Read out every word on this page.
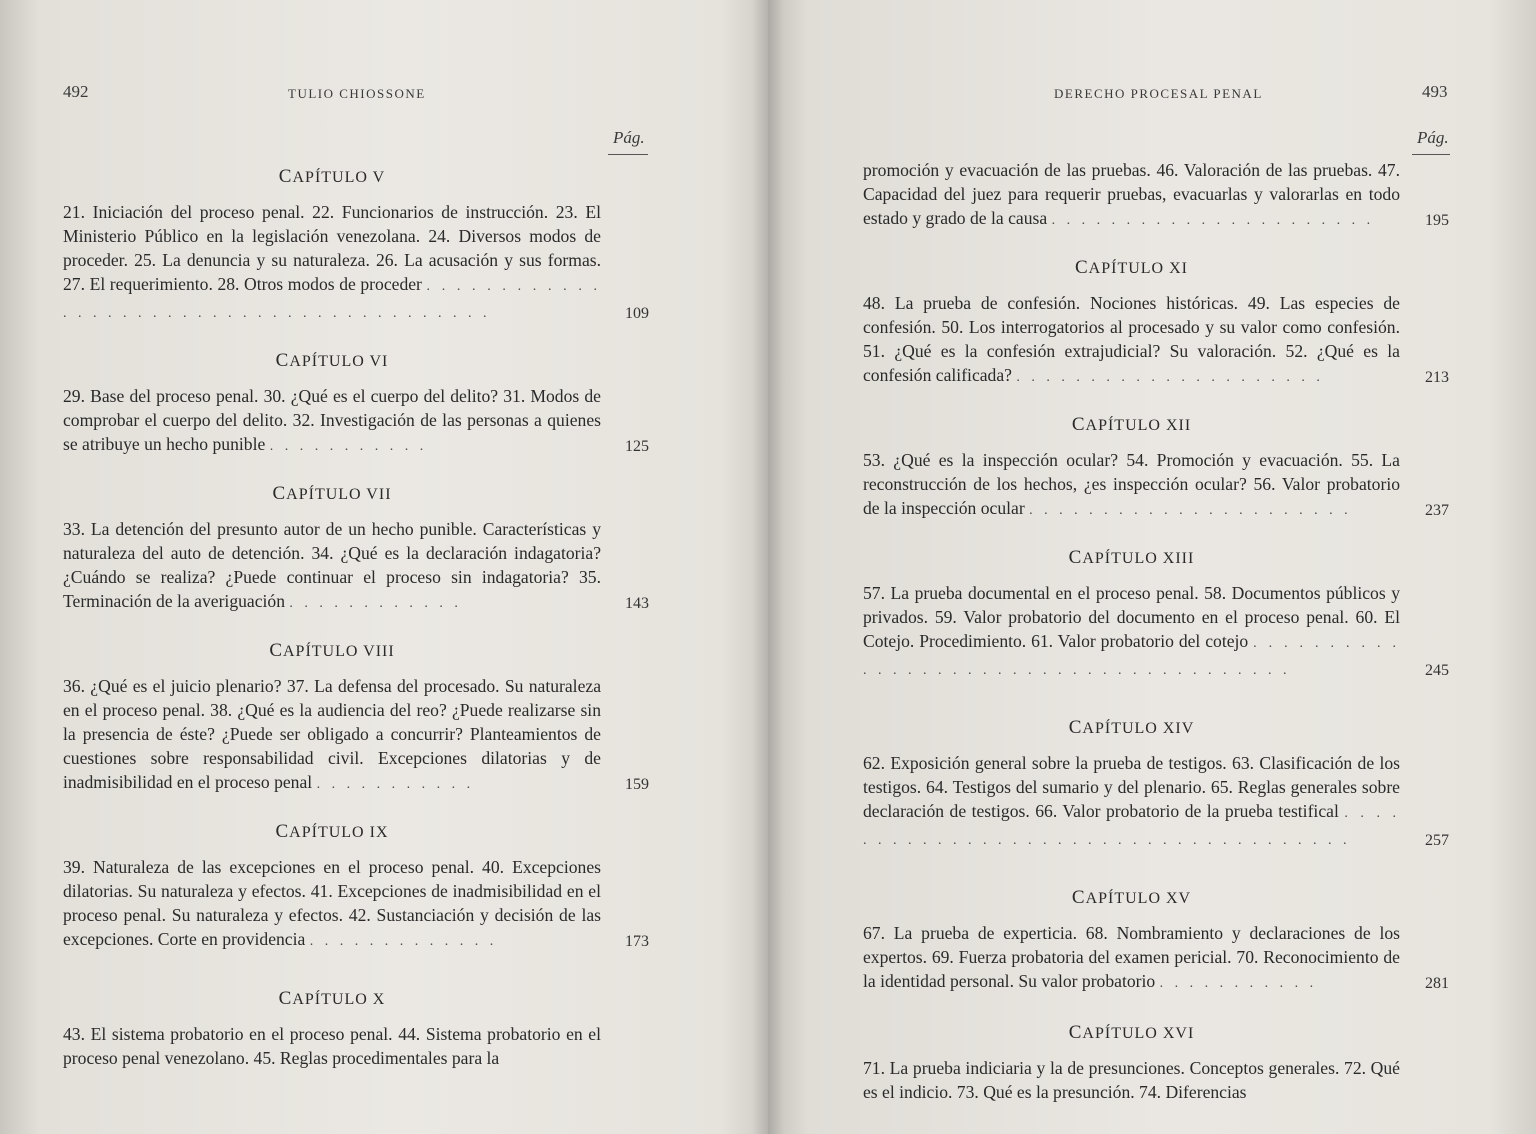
492	TULIO CHIOSSONE
Pág.
CAPÍTULO V
21. Iniciación del proceso penal. 22. Funcionarios de instrucción. 23. El Ministerio Público en la legislación venezolana. 24. Diversos modos de proceder. 25. La denuncia y su naturaleza. 26. La acusación y sus formas. 27. El requerimiento. 28. Otros modos de proceder . . . . . . . . . . . . . . . . . . . . . . . . . . . . . . . . . . . . . . . . .	109
CAPÍTULO VI
29. Base del proceso penal. 30. ¿Qué es el cuerpo del delito? 31. Modos de comprobar el cuerpo del delito. 32. Investigación de las personas a quienes se atribuye un hecho punible . . . . . . . . . . .	125
CAPÍTULO VII
33. La detención del presunto autor de un hecho punible. Características y naturaleza del auto de detención. 34. ¿Qué es la declaración indagatoria? ¿Cuándo se realiza? ¿Puede continuar el proceso sin indagatoria? 35. Terminación de la averiguación . . . . . . . . . . . .	143
CAPÍTULO VIII
36. ¿Qué es el juicio plenario? 37. La defensa del procesado. Su naturaleza en el proceso penal. 38. ¿Qué es la audiencia del reo? ¿Puede realizarse sin la presencia de éste? ¿Puede ser obligado a concurrir? Planteamientos de cuestiones sobre responsabilidad civil. Excepciones dilatorias y de inadmisibilidad en el proceso penal . . . . . . . . . . .	159
CAPÍTULO IX
39. Naturaleza de las excepciones en el proceso penal. 40. Excepciones dilatorias. Su naturaleza y efectos. 41. Excepciones de inadmisibilidad en el proceso penal. Su naturaleza y efectos. 42. Sustanciación y decisión de las excepciones. Corte en providencia . . . . . . . . . . . . .	173
CAPÍTULO X
43. El sistema probatorio en el proceso penal. 44. Sistema probatorio en el proceso penal venezolano. 45. Reglas procedimentales para la
DERECHO PROCESAL PENAL	493
Pág.
promoción y evacuación de las pruebas. 46. Valoración de las pruebas. 47. Capacidad del juez para requerir pruebas, evacuarlas y valorarlas en todo estado y grado de la causa . . . . . . . . . . . . . . . . . . . . . .	195
CAPÍTULO XI
48. La prueba de confesión. Nociones históricas. 49. Las especies de confesión. 50. Los interrogatorios al procesado y su valor como confesión. 51. ¿Qué es la confesión extrajudicial? Su valoración. 52. ¿Qué es la confesión calificada? . . . . . . . . . . . . . . . . . . . . .	213
CAPÍTULO XII
53. ¿Qué es la inspección ocular? 54. Promoción y evacuación. 55. La reconstrucción de los hechos, ¿es inspección ocular? 56. Valor probatorio de la inspección ocular . . . . . . . . . . . . . . . . . . . . . .	237
CAPÍTULO XIII
57. La prueba documental en el proceso penal. 58. Documentos públicos y privados. 59. Valor probatorio del documento en el proceso penal. 60. El Cotejo. Procedimiento. 61. Valor probatorio del cotejo . . . . . . . . . . . . . . . . . . . . . . . . . . . . . . . . . . . . . . .	245
CAPÍTULO XIV
62. Exposición general sobre la prueba de testigos. 63. Clasificación de los testigos. 64. Testigos del sumario y del plenario. 65. Reglas generales sobre declaración de testigos. 66. Valor probatorio de la prueba testifical . . . . . . . . . . . . . . . . . . . . . . . . . . . . . . . . . . . . .	257
CAPÍTULO XV
67. La prueba de experticia. 68. Nombramiento y declaraciones de los expertos. 69. Fuerza probatoria del examen pericial. 70. Reconocimiento de la identidad personal. Su valor probatorio . . . . . . . . . . .	281
CAPÍTULO XVI
71. La prueba indiciaria y la de presunciones. Conceptos generales. 72. Qué es el indicio. 73. Qué es la presunción. 74. Diferencias
